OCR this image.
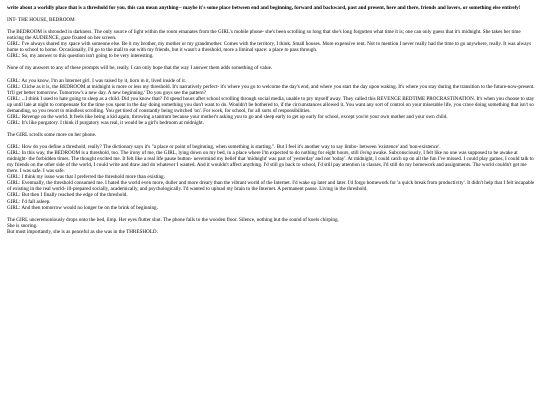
write about a worldly place that is a threshold for you. this can mean anything-- maybe it's some place between end and beginning, forward and backward, past and present, here and there, friends and lovers, or something else entirely!

INT- THE HOUSE, BEDROOM

The BEDROOM is shrouded in darkness. The only source of light within the room emanates from the GIRL's mobile phone- she's been scrolling so long that she's long forgotten what time it is; one can only guess that it's midnight. She takes her time noticing the AUDIENCE, gaze fixated on her screen.
GIRL: I've always shared my space with someone else. Be it my brother, my mother or my grandmother. Comes with the territory, I think. Small houses. More expensive rent. Not to mention I never really had the time to go anywhere, really. It was always home to school to home. Occasionally, I'd go to the mall to eat with my friends, but it wasn't a threshold, more a liminal space: a place to pass through.
GIRL: So, my answer to this question isn't going to be very interesting.

None of my answers to any of these prompts will be, really. I can only hope that the way I answer them adds something of value.

GIRL: As you know, I'm an Internet girl. I was raised by it, born in it, lived inside of it.
GIRL: Cliche as it is, the BEDROOM at midnight is more or less my threshold. It's narratively perfect- it's where you go to welcome the day's end, and where you start the day upon waking. It's where you stay during the transition to the future-now-present. 'It'll get better tomorrow. Tomorrow's a new day. A new beginning.' Do you guys see the pattern?
GIRL: ...I think I used to hate going to sleep as a child. Did you know that? I'd spend hours after school scrolling through social media, unable to pry myself away. They called this REVENGE BEDTIME PROCRASTINATION. It's when you choose to stay up until late at night to compensate for the time you spent in the day doing something you don't want to do. Wouldn't be bothered to, if the circumstances allowed it. You want any sort of control on your miserable life, you crave doing something that isn't so demanding, so you resort to mindless scrolling. You get tired of constantly being switched 'on'. For work, for school, for all sorts of responsibilities.
GIRL: Revenge on the world. It feels like being a kid again, throwing a tantrum because your mother's asking you to go and sleep early to get up early for school, except you're your own mother and your own child.
GIRL: It's like purgatory. I think if purgatory was real, it would be a girl's bedroom at midnight.

The GIRL scrolls some more on her phone.

GIRL: How do you define a threshold, really? The dictionary says it's "a place or point of beginning, when something is starting.". But I feel it's another way to say limbo- between 'existence' and 'non-existence'.
GIRL: In this way, the BEDROOM is a threshold, too. The irony of me, the GIRL, lying down on my bed, in a place where I'm expected to do nothing for eight hours, still living awake. Subconsciously, I felt like no one was supposed to be awake at midnight- the forbidden times. The thought excited me. It felt like a real life pause button- nevermind my belief that 'midnight' was part of 'yesterday' and not 'today'. At midnight, I could catch up on all the fun I've missed. I could play games, I could talk to my friends on the other side of the world, I could write and draw and do whatever I wanted. And it wouldn't affect anything. I'd still go back to school, I'd still pay attention in classes, I'd still do my homework and assignments. The world couldn't get me there. I was safe. I was safe.
GIRL: I think my issue was that I preferred the threshold more than existing.
GIRL: Eventually, the threshold consumed me. I hated the world even more, duller and more dreary than the vibrant world of the Internet. I'd wake up later and later. I'd forgo homework for 'a quick break from productivity'. It didn't help that I felt incapable of existing in the real world- ill-prepared socially, academically, and psychologically. I'd wanted to upload my brain to the Internet. A permanent pause. Living in the threshold.
GIRL: But then I finally reached the edge of the threshold.
GIRL: I'd fall asleep.
GIRL: And then tomorrow would no longer be on the brink of beginning.

The GIRL unceremoniously drops onto the bed, limp. Her eyes flutter shut. The phone falls to the wooden floor. Silence, nothing but the sound of koels chirping.
She is snoring.
But most importantly, she is as peaceful as she was in the THRESHOLD.
